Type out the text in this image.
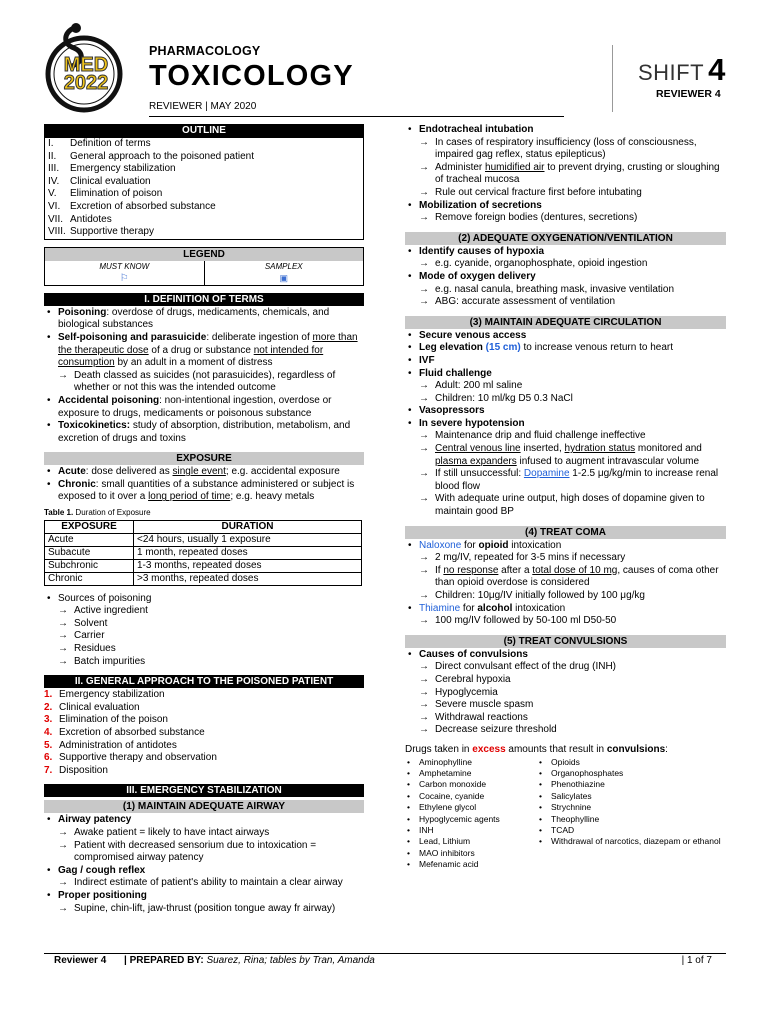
MED 2022
PHARMACOLOGY
TOXICOLOGY
REVIEWER | MAY 2020
SHIFT 4
REVIEWER 4
OUTLINE
I.	Definition of terms
II.	General approach to the poisoned patient
III.	Emergency stabilization
IV.	Clinical evaluation
V.	Elimination of poison
VI. Excretion of absorbed substance
VII. Antidotes
VIII. Supportive therapy
LEGEND
MUST KNOW
⚐
SAMPLEX
▣
I. DEFINITION OF TERMS
• Poisoning: overdose of drugs, medicaments, chemicals, and biological substances
• Self-poisoning and parasuicide: deliberate ingestion of more than the therapeutic dose of a drug or substance not intended for consumption by an adult in a moment of distress
→ Death classed as suicides (not parasuicides), regardless of whether or not this was the intended outcome
• Accidental poisoning: non-intentional ingestion, overdose or exposure to drugs, medicaments or poisonous substance
• Toxicokinetics: study of absorption, distribution, metabolism, and excretion of drugs and toxins
EXPOSURE
• Acute: dose delivered as single event; e.g. accidental exposure
• Chronic: small quantities of a substance administered or subject is exposed to it over a long period of time; e.g. heavy metals
Table 1. Duration of Exposure
EXPOSURE	DURATION
Acute	<24 hours, usually 1 exposure
Subacute	1 month, repeated doses
Subchronic	1-3 months, repeated doses
Chronic	>3 months, repeated doses
• Sources of poisoning
→ Active ingredient
→ Solvent
→ Carrier
→ Residues
→ Batch impurities
II. GENERAL APPROACH TO THE POISONED PATIENT
1. Emergency stabilization
2. Clinical evaluation
3. Elimination of the poison
4. Excretion of absorbed substance
5. Administration of antidotes
6. Supportive therapy and observation
7. Disposition
III. EMERGENCY STABILIZATION
(1) MAINTAIN ADEQUATE AIRWAY
• Airway patency
→ Awake patient = likely to have intact airways
→ Patient with decreased sensorium due to intoxication = compromised airway patency
• Gag / cough reflex
→ Indirect estimate of patient's ability to maintain a clear airway
• Proper positioning
→ Supine, chin-lift, jaw-thrust (position tongue away fr airway)
• Endotracheal intubation
→ In cases of respiratory insufficiency (loss of consciousness, impaired gag reflex, status epilepticus)
→ Administer humidified air to prevent drying, crusting or sloughing of tracheal mucosa
→ Rule out cervical fracture first before intubating
• Mobilization of secretions
→ Remove foreign bodies (dentures, secretions)
(2) ADEQUATE OXYGENATION/VENTILATION
• Identify causes of hypoxia
→ e.g. cyanide, organophosphate, opioid ingestion
• Mode of oxygen delivery
→ e.g. nasal canula, breathing mask, invasive ventilation
→ ABG: accurate assessment of ventilation
(3) MAINTAIN ADEQUATE CIRCULATION
• Secure venous access
• Leg elevation (15 cm) to increase venous return to heart
• IVF
• Fluid challenge
→ Adult: 200 ml saline
→ Children: 10 ml/kg D5 0.3 NaCl
• Vasopressors
• In severe hypotension
→ Maintenance drip and fluid challenge ineffective
→ Central venous line inserted, hydration status monitored and plasma expanders infused to augment intravascular volume
→ If still unsuccessful: Dopamine 1-2.5 μg/kg/min to increase renal blood flow
→ With adequate urine output, high doses of dopamine given to maintain good BP
(4) TREAT COMA
• Naloxone for opioid intoxication
→ 2 mg/IV, repeated for 3-5 mins if necessary
→ If no response after a total dose of 10 mg, causes of coma other than opioid overdose is considered
→ Children: 10μg/IV initially followed by 100 μg/kg
• Thiamine for alcohol intoxication
→ 100 mg/IV followed by 50-100 ml D50-50
(5) TREAT CONVULSIONS
• Causes of convulsions
→ Direct convulsant effect of the drug (INH)
→ Cerebral hypoxia
→ Hypoglycemia
→ Severe muscle spasm
→ Withdrawal reactions
→ Decrease seizure threshold
Drugs taken in excess amounts that result in convulsions:
• Aminophylline
• Amphetamine
• Carbon monoxide
• Cocaine, cyanide
• Ethylene glycol
• Hypoglycemic agents
• INH
• Lead, Lithium
• MAO inhibitors
• Mefenamic acid
• Opioids
• Organophosphates
• Phenothiazine
• Salicylates
• Strychnine
• Theophylline
• TCAD
• Withdrawal of narcotics, diazepam or ethanol
Reviewer 4 | PREPARED BY: Suarez, Rina; tables by Tran, Amanda	| 1 of 7
